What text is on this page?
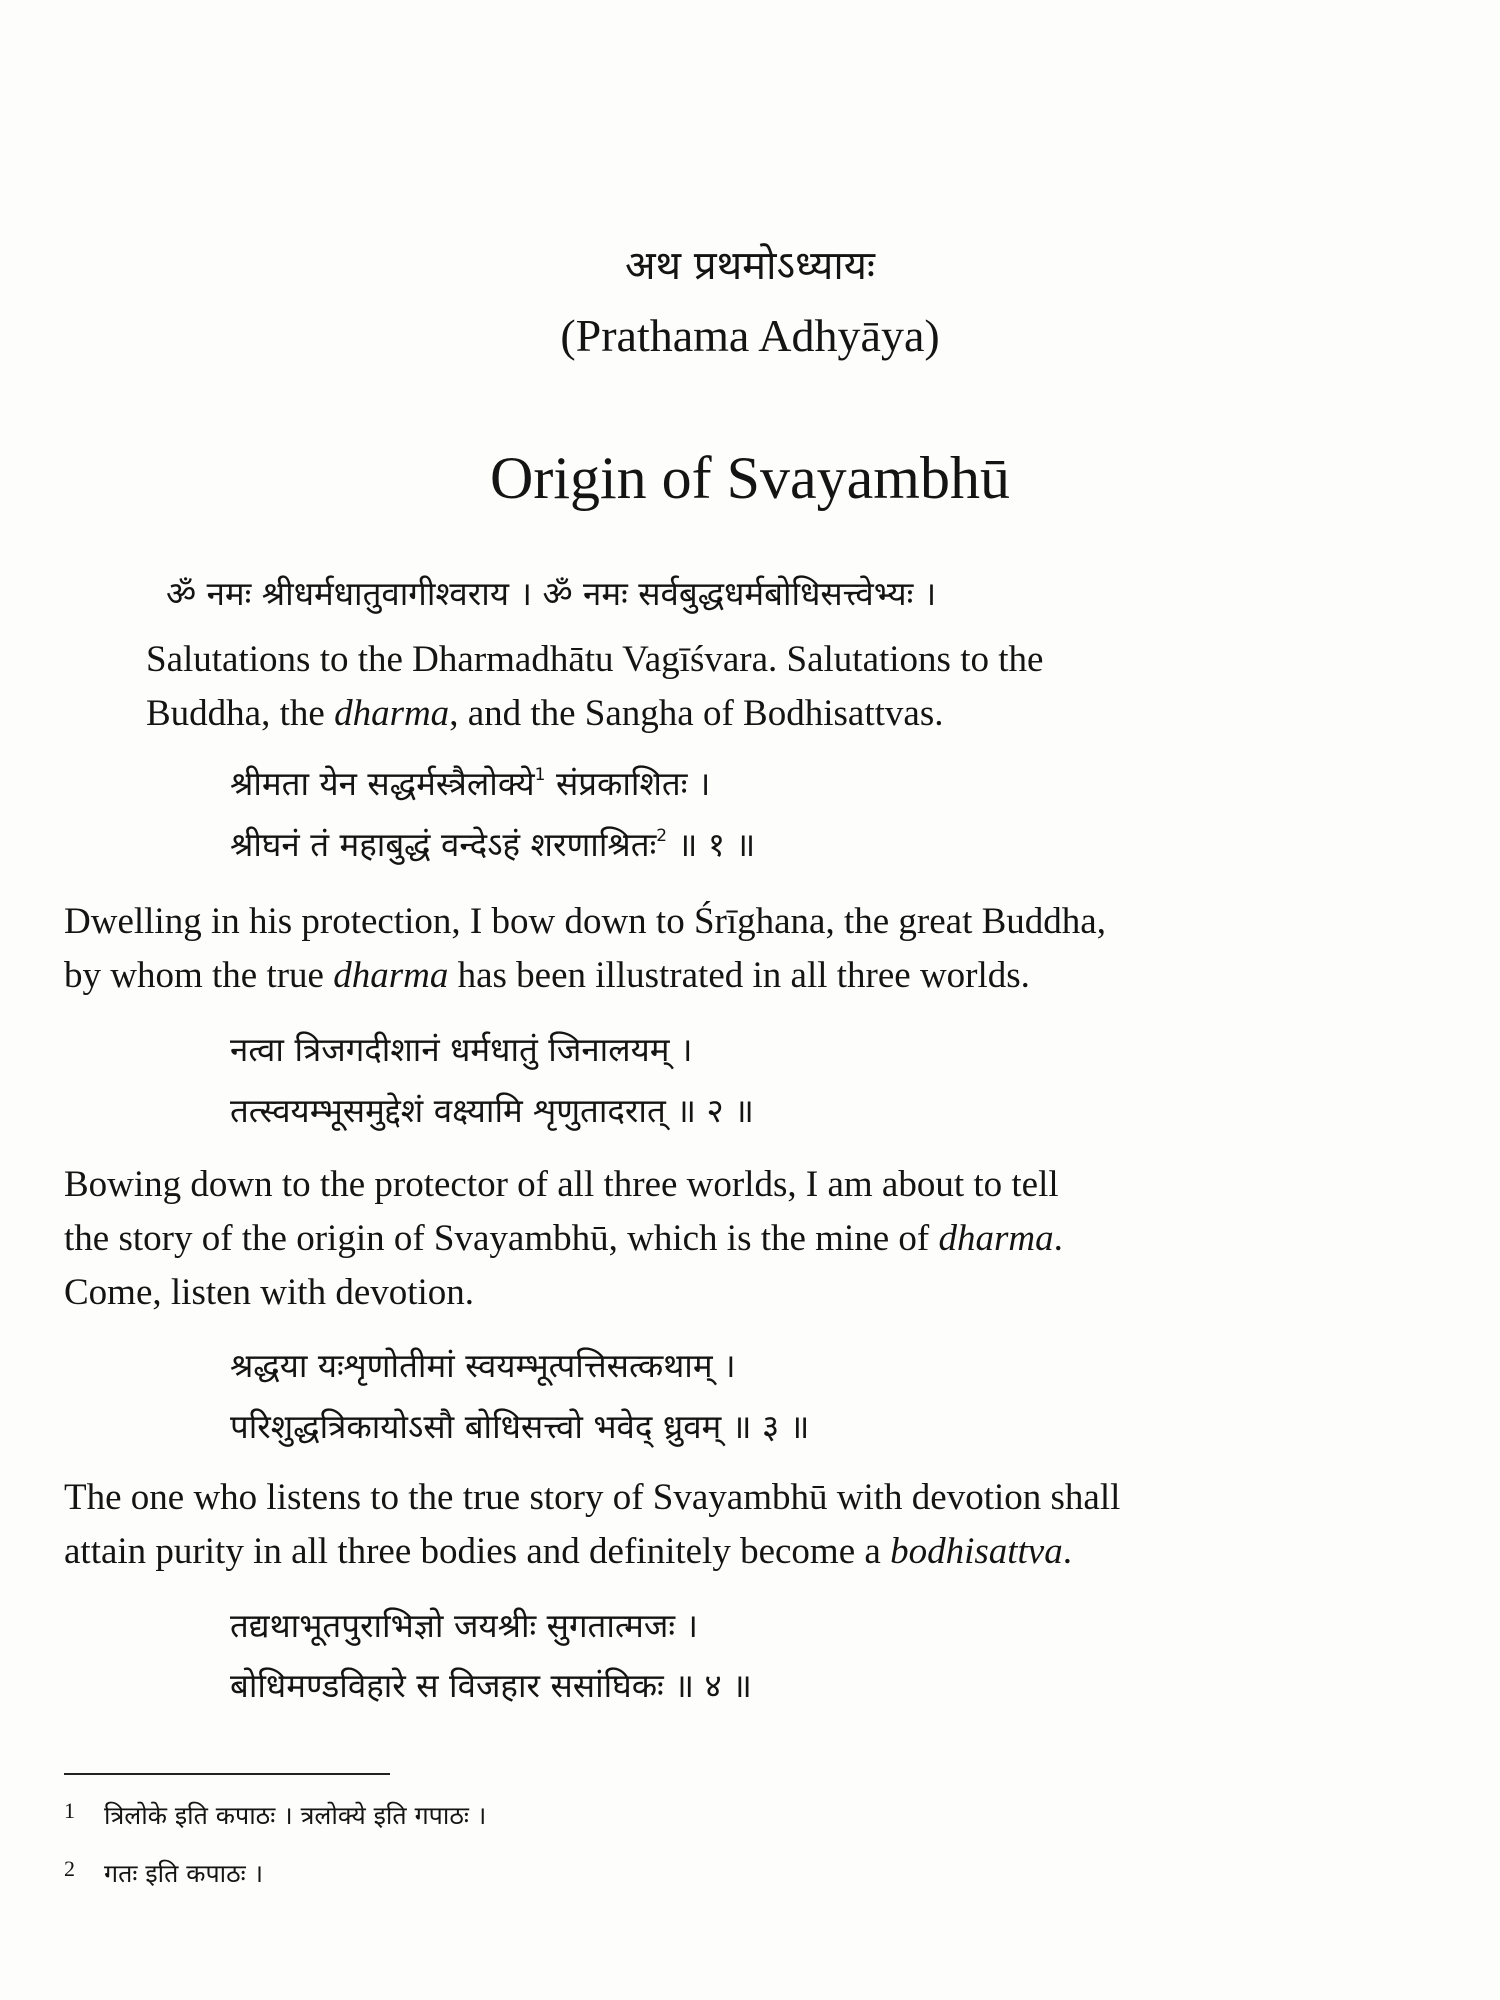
अथ प्रथमोऽध्यायः
(Prathama Adhyāya)
Origin of Svayambhū
ॐ नमः श्रीधर्मधातुवागीश्वराय । ॐ नमः सर्वबुद्धधर्मबोधिसत्त्वेभ्यः ।
Salutations to the Dharmadhātu Vagīśvara. Salutations to the
Buddha, the dharma, and the Sangha of Bodhisattvas.
श्रीमता येन सद्धर्मस्त्रैलोक्ये$^1$ संप्रकाशितः ।
श्रीघनं तं महाबुद्धं वन्देऽहं शरणाश्रितः$^2$ ॥ १ ॥
Dwelling in his protection, I bow down to Śrīghana, the great Buddha,
by whom the true dharma has been illustrated in all three worlds.
नत्वा त्रिजगदीशानं धर्मधातुं जिनालयम् ।
तत्स्वयम्भूसमुद्देशं वक्ष्यामि शृणुतादरात् ॥ २ ॥
Bowing down to the protector of all three worlds, I am about to tell
the story of the origin of Svayambhū, which is the mine of dharma.
Come, listen with devotion.
श्रद्धया यःशृणोतीमां स्वयम्भूत्पत्तिसत्कथाम् ।
परिशुद्धत्रिकायोऽसौ बोधिसत्त्वो भवेद् ध्रुवम् ॥ ३ ॥
The one who listens to the true story of Svayambhū with devotion shall
attain purity in all three bodies and definitely become a bodhisattva.
तद्यथाभूतपुराभिज्ञो जयश्रीः सुगतात्मजः ।
बोधिमण्डविहारे स विजहार ससांघिकः ॥ ४ ॥
1 त्रिलोके इति कपाठः । त्रलोक्ये इति गपाठः ।
2 गतः इति कपाठः ।
